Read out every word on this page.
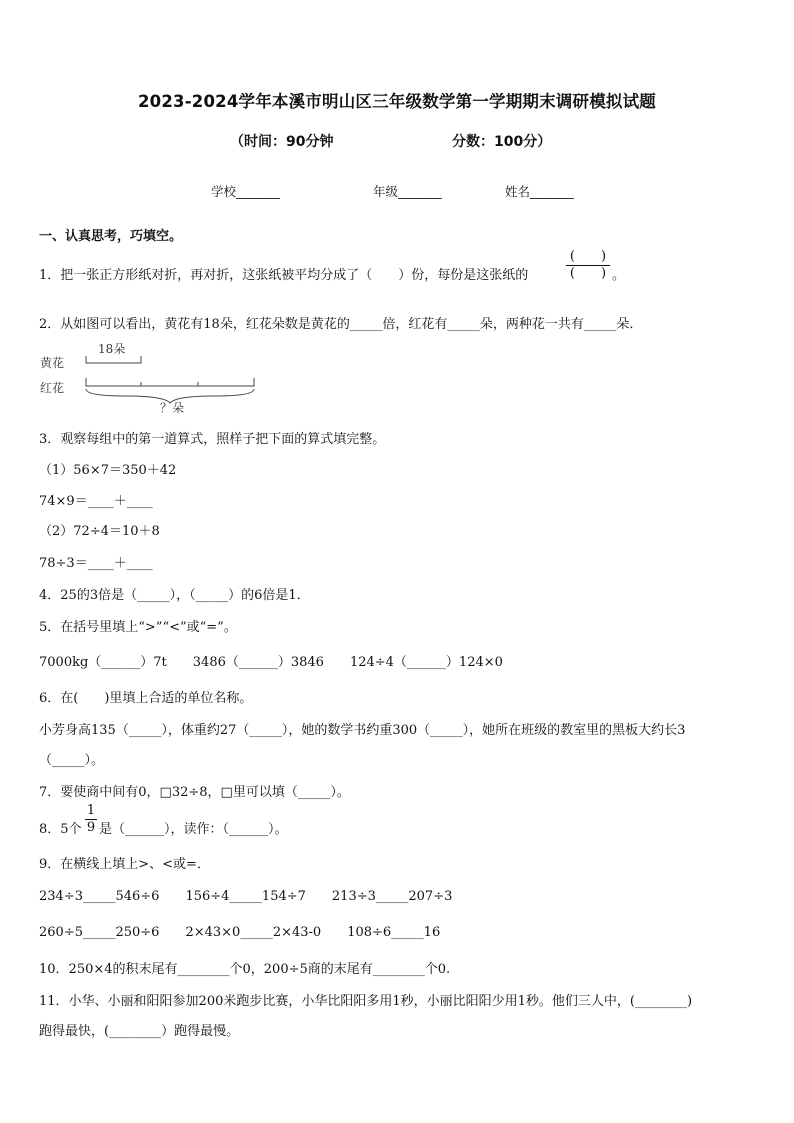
2023-2024学年本溪市明山区三年级数学第一学期期末调研模拟试题
（时间：90分钟	分数：100分）
学校_______	年级_______	姓名_______
一、认真思考，巧填空。
1．把一张正方形纸对折，再对折，这张纸被平均分成了（　　）份，每份是这张纸的
(　　)
(　　) 。
2．从如图可以看出，黄花有18朵，红花朵数是黄花的_____倍，红花有_____朵，两种花一共有_____朵．
黄花
红花
18朵
？朵
3．观察每组中的第一道算式，照样子把下面的算式填完整。
（1）56×7＝350＋42
74×9＝____＋____
（2）72÷4＝10＋8
78÷3＝____＋____
4．25的3倍是（_____），（_____）的6倍是1．
5．在括号里填上“>”“<”或“=”。
7000kg（______）7t　　3486（______）3846　　124÷4（______）124×0
6．在(　　)里填上合适的单位名称。
小芳身高135（_____），体重约27（_____），她的数学书约重300（_____），她所在班级的教室里的黑板大约长3
（_____）。
7．要使商中间有0，□32÷8，□里可以填（_____）。
8．5个
1
9 是（______），读作：（______）。
9．在横线上填上>、<或=．
234÷3_____546÷6　　156÷4_____154÷7　　213÷3_____207÷3
260÷5_____250÷6　　2×43×0_____2×43-0　　108÷6_____16
10．250×4的积末尾有________个0，200÷5商的末尾有________个0.
11．小华、小丽和阳阳参加200米跑步比赛，小华比阳阳多用1秒，小丽比阳阳少用1秒。他们三人中，(________)
跑得最快，(________）跑得最慢。
